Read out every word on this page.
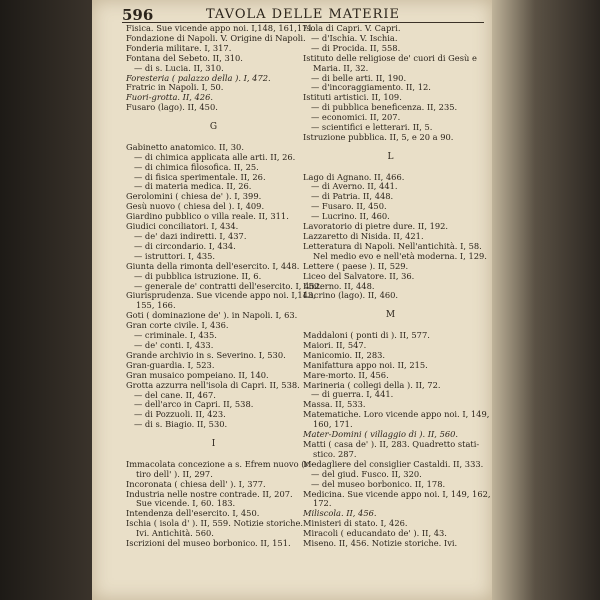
596	TAVOLA DELLE MATERIE
Fisica. Sue vicende appo noi. I,148, 161,171.
Fondazione di Napoli. V. Origine di Napoli.
Fonderia militare. I, 317.
Fontana del Sebeto. II, 310.
— di s. Lucia. II, 310.
Foresteria ( palazzo della ). I, 472.
Fratric in Napoli. I, 50.
Fuori-grotta. II, 426.
Fusaro (lago). II, 450.
G
Gabinetto anatomico. II, 30.
— di chimica applicata alle arti. II, 26.
— di chimica filosofica. II, 25.
— di fisica sperimentale. II, 26.
— di materia medica. II, 26.
Gerolomini ( chiesa de' ). I, 399.
Gesù nuovo ( chiesa del ). I, 409.
Giardino pubblico o villa reale. II, 311.
Giudici conciliatori. I, 434.
— de' dazi indiretti. I, 437.
— di circondario. I, 434.
— istruttori. I, 435.
Giunta della rimonta dell'esercito. I, 448.
— di pubblica istruzione. II, 6.
— generale de' contratti dell'esercito. I, 452.
Giurisprudenza. Sue vicende appo noi. I,143,
155, 166.
Goti ( dominazione de' ). in Napoli. I, 63.
Gran corte civile. I, 436.
— criminale. I, 435.
— de' conti. I, 433.
Grande archivio in s. Severino. I, 530.
Gran-guardia. I, 523.
Gran musaico pompeiano. II, 140.
Grotta azzurra nell'isola di Capri. II, 538.
— del cane. II, 467.
— dell'arco in Capri. II, 538.
— di Pozzuoli. II, 423.
— di s. Biagio. II, 530.
I
Immacolata concezione a s. Efrem nuovo (ri-
tiro dell' ). II, 297.
Incoronata ( chiesa dell' ). I, 377.
Industria nelle nostre contrade. II, 207.
Sue vicende. I, 60. 183.
Intendenza dell'esercito. I, 450.
Ischia ( isola d' ). II, 559. Notizie storiche.
Ivi. Antichità. 560.
Iscrizioni del museo borbonico. II, 151.
Isola di Capri. V. Capri.
— d'Ischia. V. Ischia.
— di Procida. II, 558.
Istituto delle religiose de' cuori di Gesù e
Maria. II, 32.
— di belle arti. II, 190.
— d'incoraggiamento. II, 12.
Istituti artistici. II, 109.
— di pubblica beneficenza. II, 235.
— economici. II, 207.
— scientifici e letterari. II, 5.
Istruzione pubblica. II, 5, e 20 a 90.
L
Lago di Agnano. II, 466.
— di Averno. II, 441.
— di Patria. II, 448.
— Fusaro. II, 450.
— Lucrino. II, 460.
Lavoratorio di pietre dure. II, 192.
Lazzaretto di Nisida. II, 421.
Letteratura di Napoli. Nell'antichità. I, 58.
Nel medio evo e nell'età moderna. I, 129.
Lettere ( paese ). II, 529.
Liceo del Salvatore. II, 36.
Linterno. II, 448.
Lucrino (lago). II, 460.
M
Maddaloni ( ponti di ). II, 577.
Maiori. II, 547.
Manicomio. II, 283.
Manifattura appo noi. II, 215.
Mare-morto. II, 456.
Marineria ( collegi della ). II, 72.
— di guerra. I, 441.
Massa. II, 533.
Matematiche. Loro vicende appo noi. I, 149,
160, 171.
Mater-Domini ( villaggio di ). II, 560.
Matti ( casa de' ). II, 283. Quadretto stati-
stico. 287.
Medagliere del consiglier Castaldi. II, 333.
— del giud. Fusco. II, 320.
— del museo borbonico. II, 178.
Medicina. Sue vicende appo noi. I, 149, 162,
172.
Miliscola. II, 456.
Ministeri di stato. I, 426.
Miracoli ( educandato de' ). II, 43.
Miseno. II, 456. Notizie storiche. Ivi.
